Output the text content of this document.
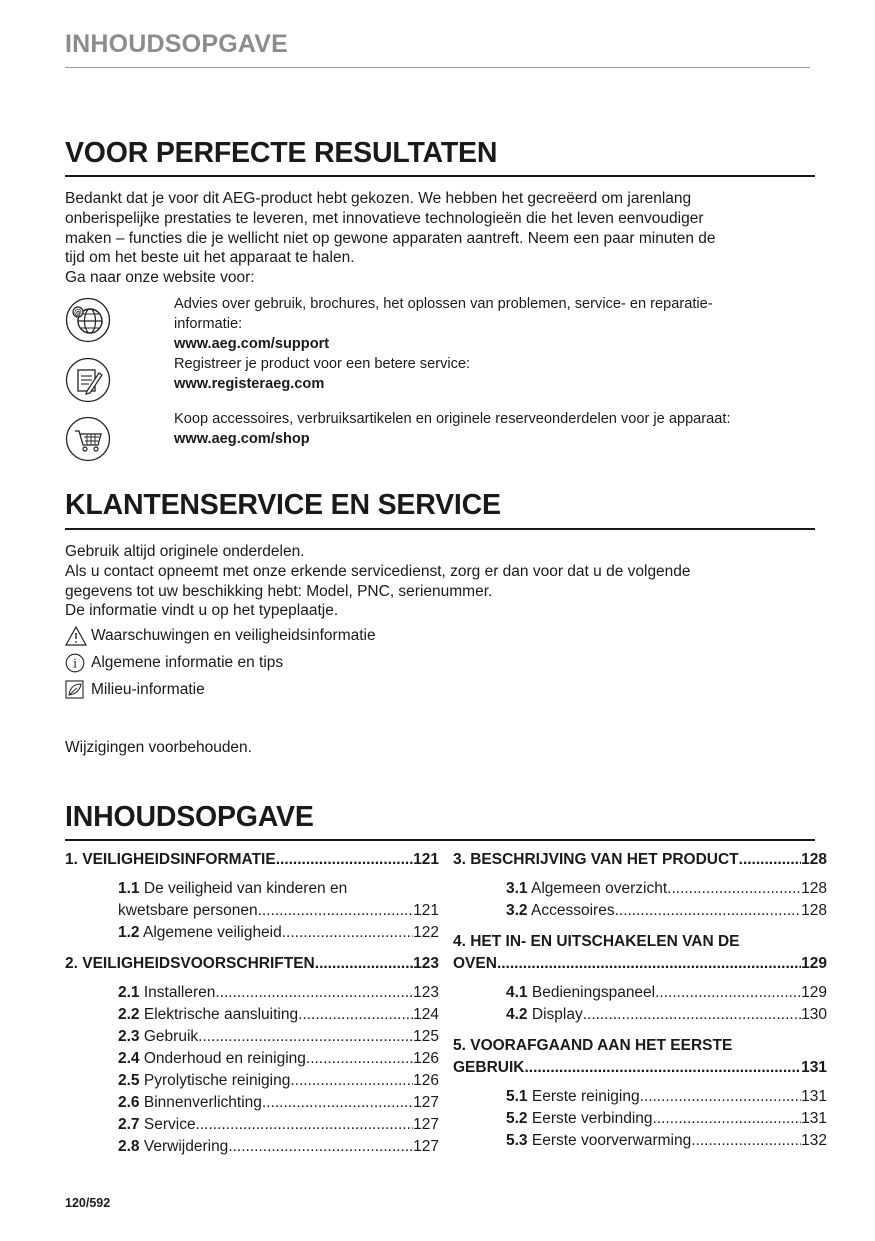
INHOUDSOPGAVE
VOOR PERFECTE RESULTATEN
Bedankt dat je voor dit AEG-product hebt gekozen. We hebben het gecreëerd om jarenlang
onberispelijke prestaties te leveren, met innovatieve technologieën die het leven eenvoudiger
maken – functies die je wellicht niet op gewone apparaten aantreft. Neem een paar minuten de
tijd om het beste uit het apparaat te halen.
Ga naar onze website voor:
@
Advies over gebruik, brochures, het oplossen van problemen, service- en reparatie-
informatie:
www.aeg.com/support
Registreer je product voor een betere service:
www.registeraeg.com
Koop accessoires, verbruiksartikelen en originele reserveonderdelen voor je apparaat:
www.aeg.com/shop
KLANTENSERVICE EN SERVICE
Gebruik altijd originele onderdelen.
Als u contact opneemt met onze erkende servicedienst, zorg er dan voor dat u de volgende
gegevens tot uw beschikking hebt: Model, PNC, serienummer.
De informatie vindt u op het typeplaatje.
Waarschuwingen en veiligheidsinformatie
i Algemene informatie en tips
Milieu-informatie
Wijzigingen voorbehouden.
INHOUDSOPGAVE
1. VEILIGHEIDSINFORMATIE .....	121
1.1 De veiligheid van kinderen en
kwetsbare personen .....	121
1.2 Algemene veiligheid .....	122
2. VEILIGHEIDSVOORSCHRIFTEN .....	123
2.1 Installeren .....	123
2.2 Elektrische aansluiting .....	124
2.3 Gebruik .....	125
2.4 Onderhoud en reiniging .....	126
2.5 Pyrolytische reiniging .....	126
2.6 Binnenverlichting .....	127
2.7 Service .....	127
2.8 Verwijdering .....	127
3. BESCHRIJVING VAN HET PRODUCT .....	128
3.1 Algemeen overzicht .....	128
3.2 Accessoires .....	128
4. HET IN- EN UITSCHAKELEN VAN DE
OVEN .....	129
4.1 Bedieningspaneel .....	129
4.2 Display .....	130
5. VOORAFGAAND AAN HET EERSTE
GEBRUIK .....	131
5.1 Eerste reiniging .....	131
5.2 Eerste verbinding .....	131
5.3 Eerste voorverwarming .....	132
120/592
